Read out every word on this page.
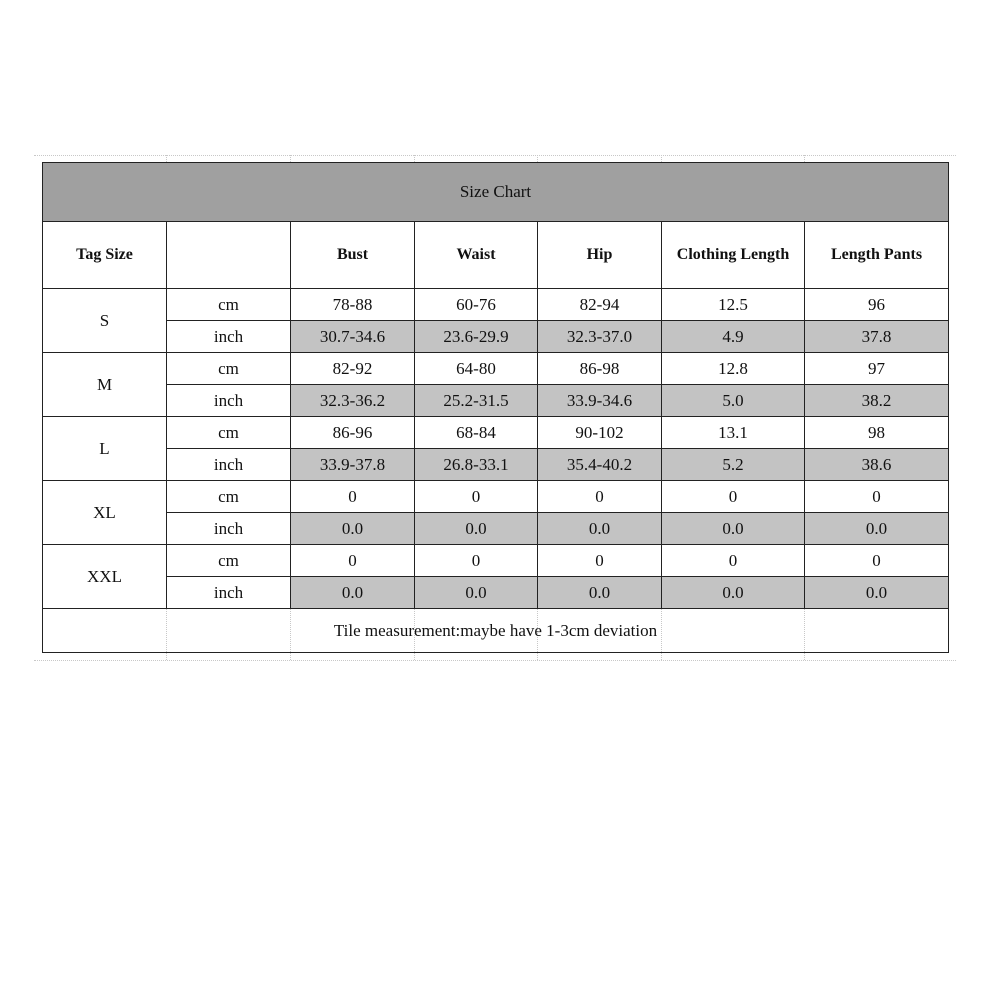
Size Chart						
Tag Size		Bust	Waist	Hip	Clothing Length	Length Pants
S	cm	78-88	60-76	82-94	12.5	96
	inch	30.7-34.6	23.6-29.9	32.3-37.0	4.9	37.8
M	cm	82-92	64-80	86-98	12.8	97
	inch	32.3-36.2	25.2-31.5	33.9-34.6	5.0	38.2
L	cm	86-96	68-84	90-102	13.1	98
	inch	33.9-37.8	26.8-33.1	35.4-40.2	5.2	38.6
XL	cm	0	0	0	0	0
	inch	0.0	0.0	0.0	0.0	0.0
XXL	cm	0	0	0	0	0
	inch	0.0	0.0	0.0	0.0	0.0
Tile measurement:maybe have 1-3cm deviation						
